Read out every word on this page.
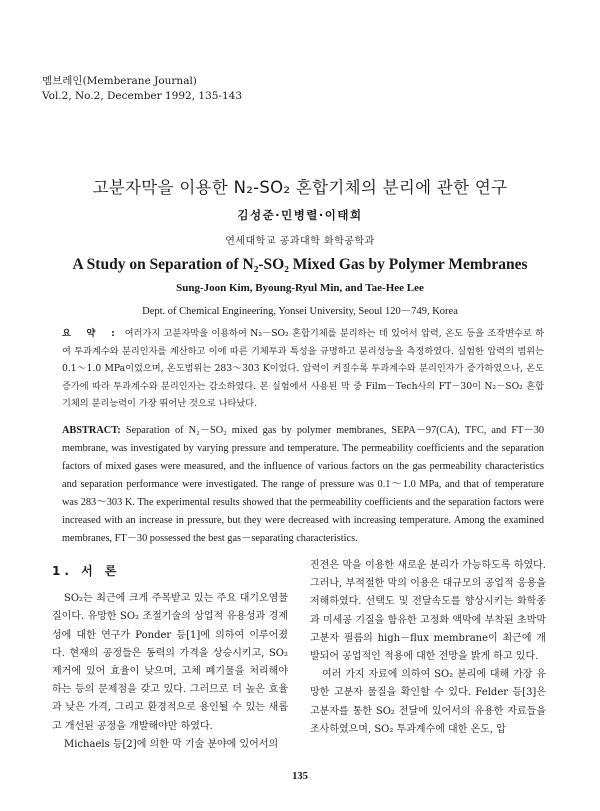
멤브레인(Memberane Journal)
Vol.2, No.2, December 1992, 135-143
고분자막을 이용한 N₂-SO₂ 혼합기체의 분리에 관한 연구
김성준·민병렬·이태희
연세대학교 공과대학 화학공학과
A Study on Separation of N₂-SO₂ Mixed Gas by Polymer Membranes
Sung-Joon Kim, Byoung-Ryul Min, and Tae-Hee Lee
Dept. of Chemical Engineering, Yonsei University, Seoul 120－749, Korea
요 약 : 여러가지 고분자막을 이용하여 N₂－SO₂ 혼합기체를 분리하는 데 있어서 압력, 온도 등을 조작변수로 하여 투과계수와 분리인자를 계산하고 이에 따른 기체투과 특성을 규명하고 분리성능을 측정하였다. 실험한 압력의 범위는 0.1～1.0 MPa이었으며, 온도범위는 283～303 K이었다. 압력이 커질수록 투과계수와 분리인자가 증가하였으나, 온도증가에 따라 투과계수와 분리인자는 감소하였다. 본 실험에서 사용된 막 중 Film－Tech사의 FT－30이 N₂－SO₂ 혼합기체의 분리능력이 가장 뛰어난 것으로 나타났다.
ABSTRACT: Separation of N₂－SO₂ mixed gas by polymer membranes, SEPA－97(CA), TFC, and FT－30 membrane, was investigated by varying pressure and temperature. The permeability coefficients and the separation factors of mixed gases were measured, and the influence of various factors on the gas permeability characteristics and separation performance were investigated. The range of pressure was 0.1～1.0 MPa, and that of temperature was 283～303 K. The experimental results showed that the permeability coefficients and the separation factors were increased with an increase in pressure, but they were decreased with increasing temperature. Among the examined membranes, FT－30 possessed the best gas－separating characteristics.
1. 서 론

SO₂는 최근에 크게 주목받고 있는 주요 대기오염물질이다. 유망한 SO₂ 조절기술의 상업적 유용성과 경제성에 대한 연구가 Ponder 등[1]에 의하여 이루어졌다. 현재의 공정들은 동력의 가격을 상승시키고, SO₂ 제거에 있어 효율이 낮으며, 고체 폐기물을 처리해야 하는 등의 문제점을 갖고 있다. 그러므로 더 높은 효율과 낮은 가격, 그리고 환경적으로 용인될 수 있는 새롭고 개선된 공정을 개발해야만 하였다.

Michaels 등[2]에 의한 막 기술 분야에 있어서의

진전은 막을 이용한 새로운 분리가 가능하도록 하였다. 그러나, 부적절한 막의 이용은 대규모의 공업적 응용을 저해하였다. 선택도 및 전달속도를 향상시키는 화학종과 미세공 기질을 함유한 고정화 액막에 부착된 초박막 고분자 필름의 high－flux membrane이 최근에 개발되어 공업적인 적용에 대한 전망을 밝게 하고 있다.

여러 가지 자료에 의하여 SO₂ 분리에 대해 가장 유망한 고분자 물질을 확인할 수 있다. Felder 등[3]은 고분자를 통한 SO₂ 전달에 있어서의 유용한 자료들을 조사하였으며, SO₂ 투과계수에 대한 온도, 압

135
